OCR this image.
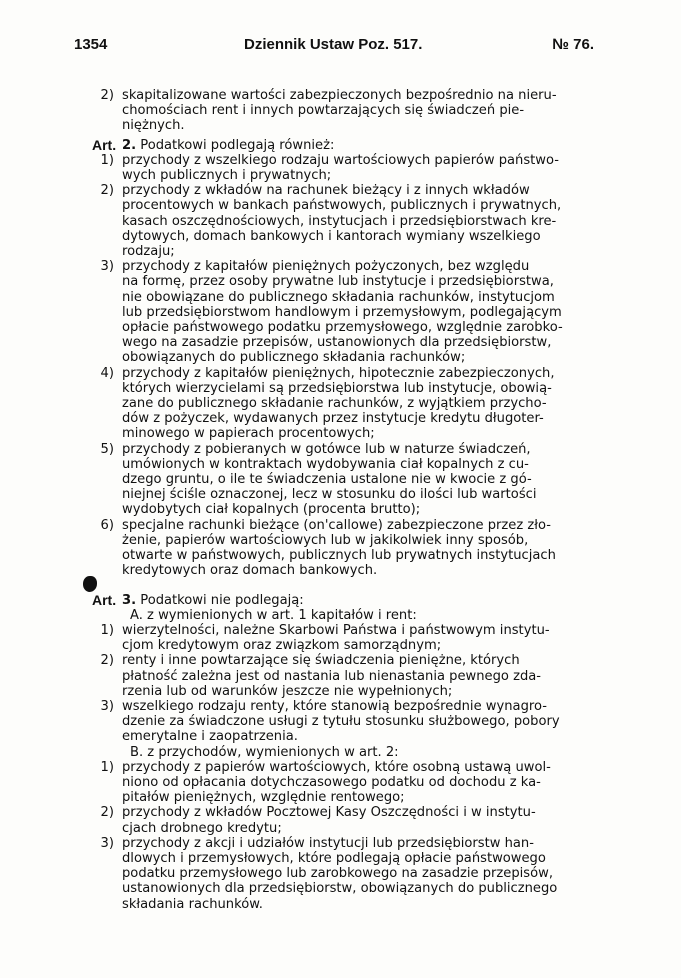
1354	Dziennik Ustaw Poz. 517.	№ 76.
2) skapitalizowane wartości zabezpieczonych bezpośrednio na nieru-
chomościach rent i innych powtarzających się świadczeń pie-
niężnych.
Art. 2. Podatkowi podlegają również:
1) przychody z wszelkiego rodzaju wartościowych papierów państwo-
wych publicznych i prywatnych;
2) przychody z wkładów na rachunek bieżący i z innych wkładów
procentowych w bankach państwowych, publicznych i prywatnych,
kasach oszczędnościowych, instytucjach i przedsiębiorstwach kre-
dytowych, domach bankowych i kantorach wymiany wszelkiego
rodzaju;
3) przychody z kapitałów pieniężnych pożyczonych, bez względu
na formę, przez osoby prywatne lub instytucje i przedsiębiorstwa,
nie obowiązane do publicznego składania rachunków, instytucjom
lub przedsiębiorstwom handlowym i przemysłowym, podlegającym
opłacie państwowego podatku przemysłowego, względnie zarobko-
wego na zasadzie przepisów, ustanowionych dla przedsiębiorstw,
obowiązanych do publicznego składania rachunków;
4) przychody z kapitałów pieniężnych, hipotecznie zabezpieczonych,
których wierzycielami są przedsiębiorstwa lub instytucje, obowią-
zane do publicznego składanie rachunków, z wyjątkiem przycho-
dów z pożyczek, wydawanych przez instytucje kredytu długoter-
minowego w papierach procentowych;
5) przychody z pobieranych w gotówce lub w naturze świadczeń,
umówionych w kontraktach wydobywania ciał kopalnych z cu-
dzego gruntu, o ile te świadczenia ustalone nie w kwocie z gó-
niejnej ściśle oznaczonej, lecz w stosunku do ilości lub wartości
wydobytych ciał kopalnych (procenta brutto);
6) specjalne rachunki bieżące (on'callowe) zabezpieczone przez zło-
żenie, papierów wartościowych lub w jakikolwiek inny sposób,
otwarte w państwowych, publicznych lub prywatnych instytucjach
kredytowych oraz domach bankowych.
Art. 3. Podatkowi nie podlegają:
A. z wymienionych w art. 1 kapitałów i rent:
1) wierzytelności, należne Skarbowi Państwa i państwowym instytu-
cjom kredytowym oraz związkom samorządnym;
2) renty i inne powtarzające się świadczenia pieniężne, których
płatność zależna jest od nastania lub nienastania pewnego zda-
rzenia lub od warunków jeszcze nie wypełnionych;
3) wszelkiego rodzaju renty, które stanowią bezpośrednie wynagro-
dzenie za świadczone usługi z tytułu stosunku służbowego, pobory
emerytalne i zaopatrzenia.
B. z przychodów, wymienionych w art. 2:
1) przychody z papierów wartościowych, które osobną ustawą uwol-
niono od opłacania dotychczasowego podatku od dochodu z ka-
pitałów pieniężnych, względnie rentowego;
2) przychody z wkładów Pocztowej Kasy Oszczędności i w instytu-
cjach drobnego kredytu;
3) przychody z akcji i udziałów instytucji lub przedsiębiorstw han-
dlowych i przemysłowych, które podlegają opłacie państwowego
podatku przemysłowego lub zarobkowego na zasadzie przepisów,
ustanowionych dla przedsiębiorstw, obowiązanych do publicznego
składania rachunków.
